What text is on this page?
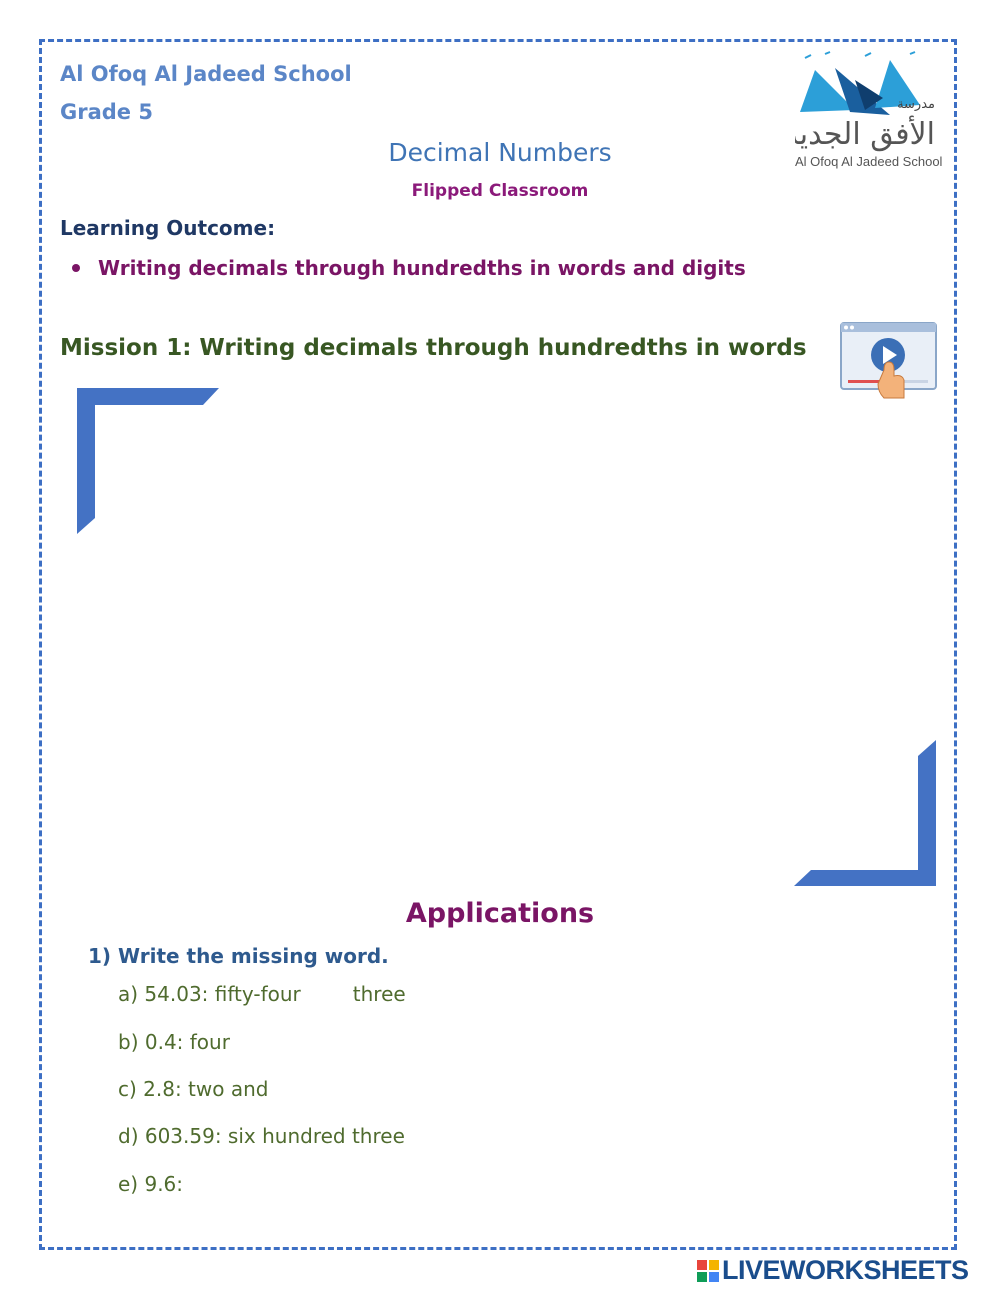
Al Ofoq Al Jadeed School
Grade 5
Decimal Numbers
Flipped Classroom
مدرسة
الأفق الجديد
Al Ofoq Al Jadeed School
Learning Outcome:
Writing decimals through hundredths in words and digits
Mission 1: Writing decimals through hundredths in words
Applications
1) Write the missing word.
a) 54.03: fifty-four	three
b) 0.4: four
c) 2.8: two and
d) 603.59: six hundred three
e) 9.6:
LIVEWORKSHEETS
